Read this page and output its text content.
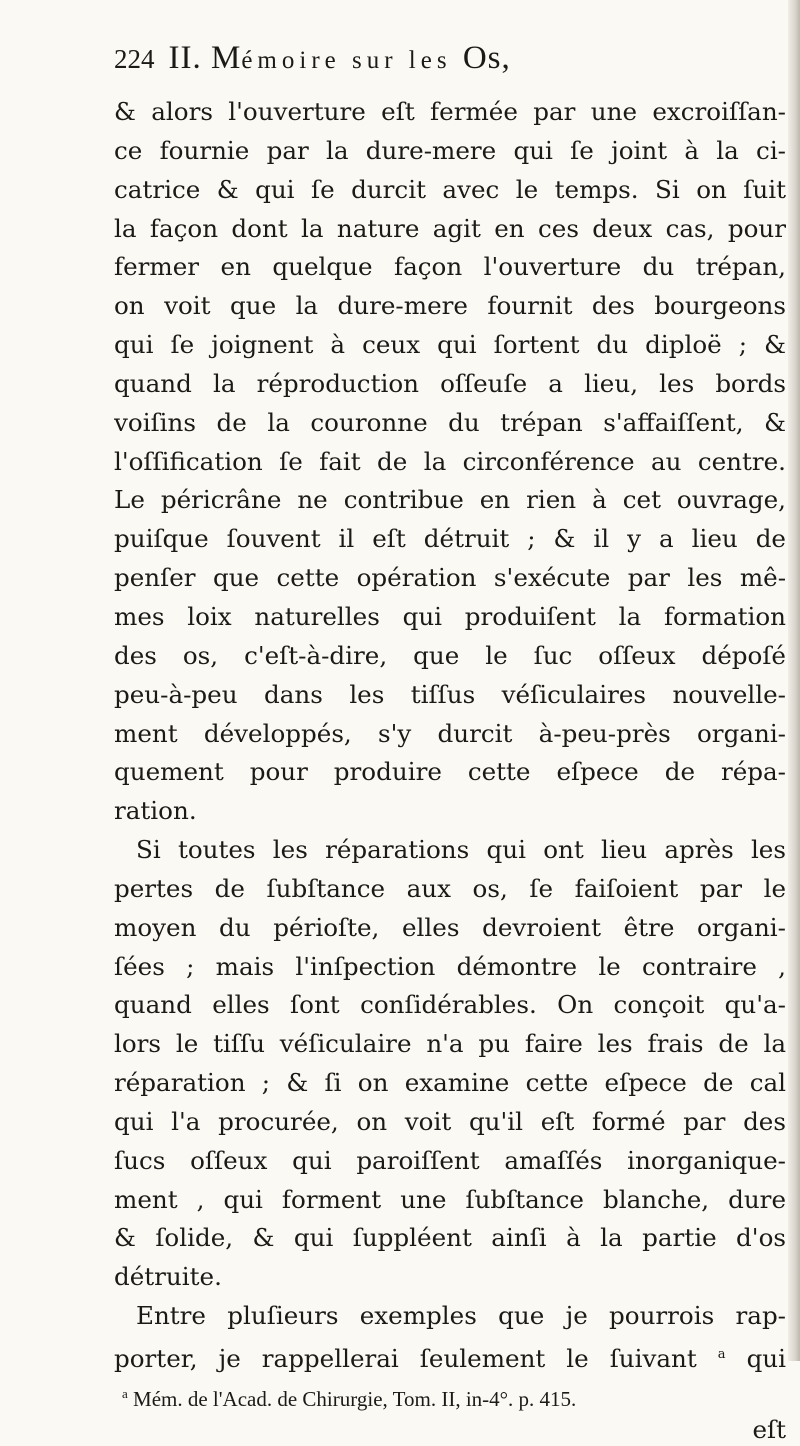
224 II. Mémoire sur les Os,
& alors l'ouverture eſt fermée par une excroiſſan-
ce fournie par la dure-mere qui ſe joint à la ci-
catrice & qui ſe durcit avec le temps. Si on ſuit
la façon dont la nature agit en ces deux cas, pour
fermer en quelque façon l'ouverture du trépan,
on voit que la dure-mere fournit des bourgeons
qui ſe joignent à ceux qui ſortent du diploë ; &
quand la réproduction oſſeuſe a lieu, les bords
voiſins de la couronne du trépan s'affaiſſent, &
l'oſſification ſe fait de la circonférence au centre.
Le péricrâne ne contribue en rien à cet ouvrage,
puiſque ſouvent il eſt détruit ; & il y a lieu de
penſer que cette opération s'exécute par les mê-
mes loix naturelles qui produiſent la formation
des os, c'eſt-à-dire, que le ſuc oſſeux dépoſé
peu-à-peu dans les tiſſus véſiculaires nouvelle-
ment développés, s'y durcit à-peu-près organi-
quement pour produire cette eſpece de répa-
ration.
Si toutes les réparations qui ont lieu après les
pertes de ſubſtance aux os, ſe faiſoient par le
moyen du périoſte, elles devroient être organi-
ſées ; mais l'inſpection démontre le contraire ,
quand elles ſont conſidérables. On conçoit qu'a-
lors le tiſſu véſiculaire n'a pu faire les frais de la
réparation ; & ſi on examine cette eſpece de cal
qui l'a procurée, on voit qu'il eſt formé par des
ſucs oſſeux qui paroiſſent amaſſés inorganique-
ment , qui forment une ſubſtance blanche, dure
& ſolide, & qui ſuppléent ainſi à la partie d'os
détruite.
Entre pluſieurs exemples que je pourrois rap-
porter, je rappellerai ſeulement le ſuivant $^a$ qui
$^a$ Mém. de l'Acad. de Chirurgie, Tom. II, in-4°. p. 415.
eſt
